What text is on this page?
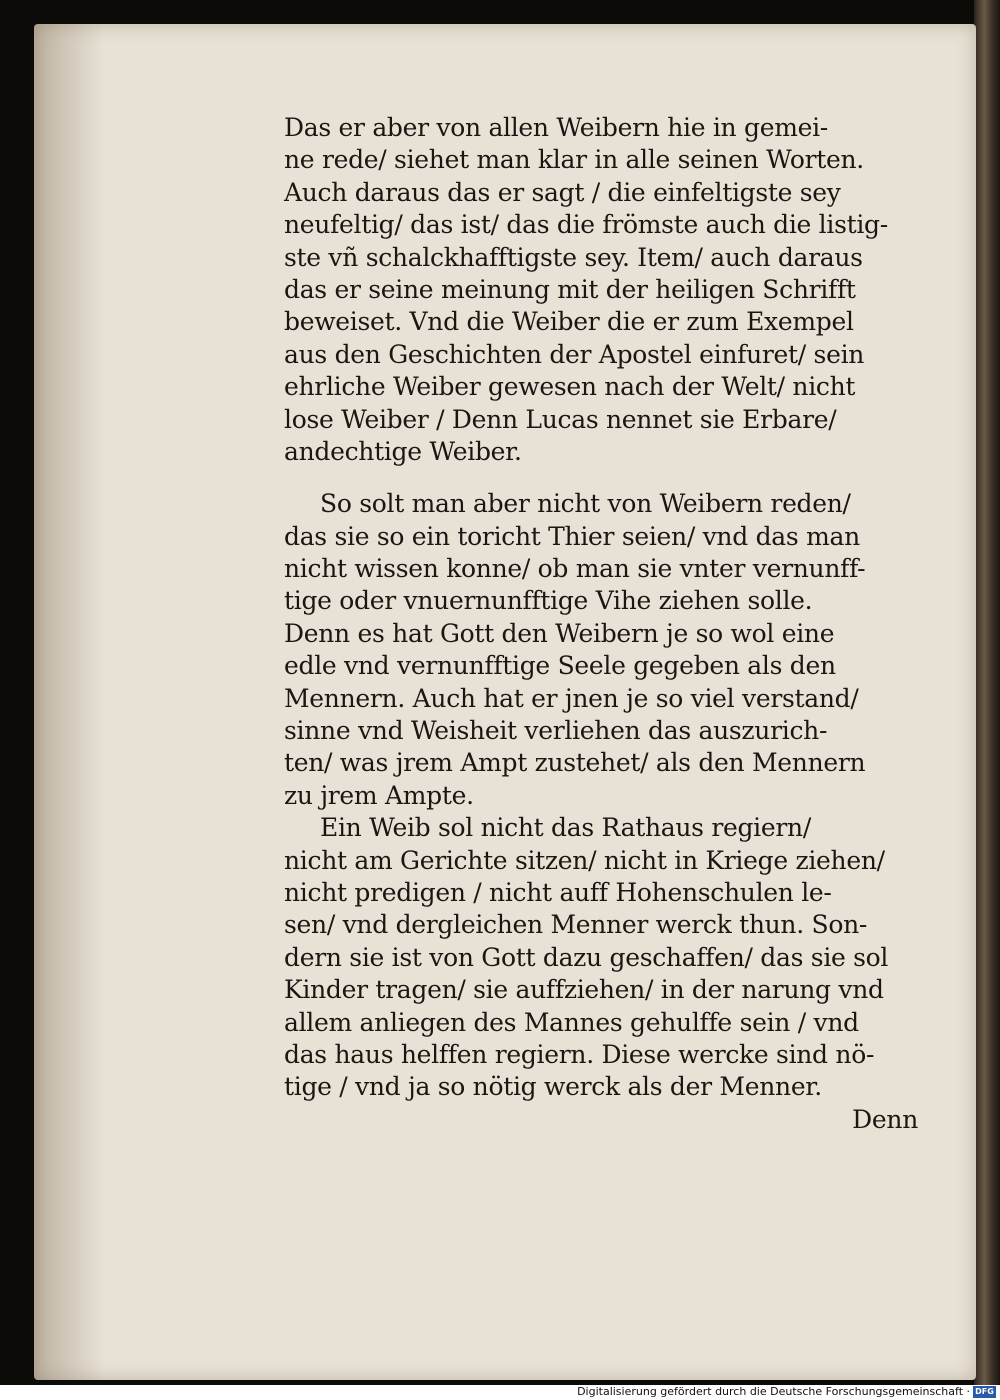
Das er aber von allen Weibern hie in gemei-
ne rede/ siehet man klar in alle seinen Worten.
Auch daraus das er sagt / die einfeltigste sey
neufeltig/ das ist/ das die frömste auch die listig-
ste vñ schalckhafftigste sey. Item/ auch daraus
das er seine meinung mit der heiligen Schrifft
beweiset. Vnd die Weiber die er zum Exempel
aus den Geschichten der Apostel einfuret/ sein
ehrliche Weiber gewesen nach der Welt/ nicht
lose Weiber / Denn Lucas nennet sie Erbare/
andechtige Weiber.

So solt man aber nicht von Weibern reden/
das sie so ein toricht Thier seien/ vnd das man
nicht wissen konne/ ob man sie vnter vernunff-
tige oder vnuernunfftige Vihe ziehen solle.
Denn es hat Gott den Weibern je so wol eine
edle vnd vernunfftige Seele gegeben als den
Mennern. Auch hat er jnen je so viel verstand/
sinne vnd Weisheit verliehen das auszurich-
ten/ was jrem Ampt zustehet/ als den Mennern
zu jrem Ampte.

Ein Weib sol nicht das Rathaus regiern/
nicht am Gerichte sitzen/ nicht in Kriege ziehen/
nicht predigen / nicht auff Hohenschulen le-
sen/ vnd dergleichen Menner werck thun. Son-
dern sie ist von Gott dazu geschaffen/ das sie sol
Kinder tragen/ sie auffziehen/ in der narung vnd
allem anliegen des Mannes gehulffe sein / vnd
das haus helffen regiern. Diese wercke sind nö-
tige / vnd ja so nötig werck als der Menner.

Denn
Digitalisierung gefördert durch die Deutsche Forschungsgemeinschaft · DFG
